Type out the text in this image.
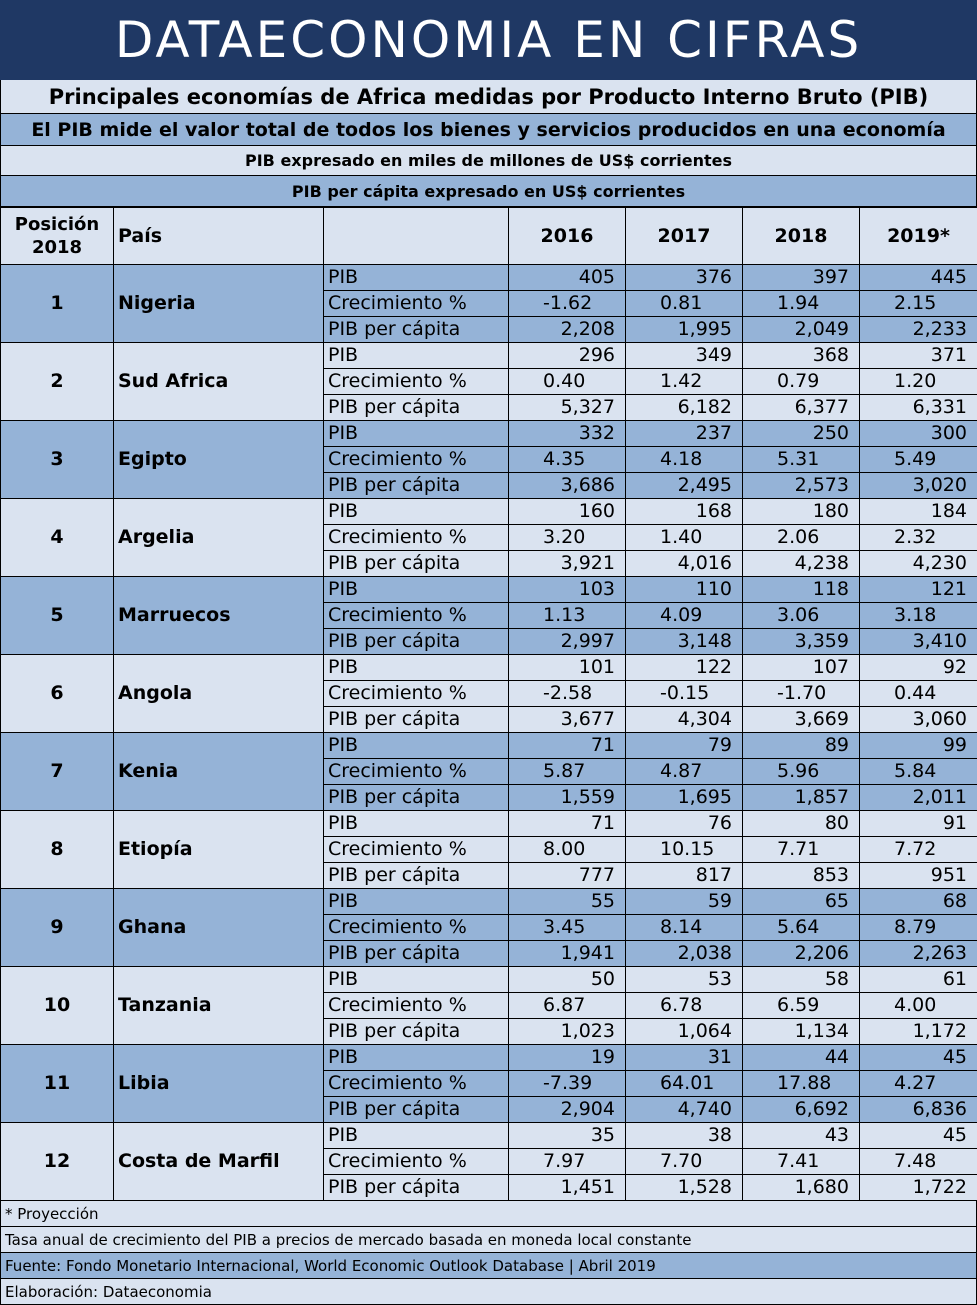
DATAECONOMIA EN CIFRAS
Principales economías de Africa medidas por Producto Interno Bruto (PIB)
El PIB mide el valor total de todos los bienes y servicios producidos en una economía
PIB expresado en miles de millones de US$ corrientes
PIB per cápita expresado en US$ corrientes
Posición 2018	País		2016	2017	2018	2019*
1	Nigeria	PIB	405	376	397	445
		Crecimiento %	-1.62	0.81	1.94	2.15
		PIB per cápita	2,208	1,995	2,049	2,233
2	Sud Africa	PIB	296	349	368	371
		Crecimiento %	0.40	1.42	0.79	1.20
		PIB per cápita	5,327	6,182	6,377	6,331
3	Egipto	PIB	332	237	250	300
		Crecimiento %	4.35	4.18	5.31	5.49
		PIB per cápita	3,686	2,495	2,573	3,020
4	Argelia	PIB	160	168	180	184
		Crecimiento %	3.20	1.40	2.06	2.32
		PIB per cápita	3,921	4,016	4,238	4,230
5	Marruecos	PIB	103	110	118	121
		Crecimiento %	1.13	4.09	3.06	3.18
		PIB per cápita	2,997	3,148	3,359	3,410
6	Angola	PIB	101	122	107	92
		Crecimiento %	-2.58	-0.15	-1.70	0.44
		PIB per cápita	3,677	4,304	3,669	3,060
7	Kenia	PIB	71	79	89	99
		Crecimiento %	5.87	4.87	5.96	5.84
		PIB per cápita	1,559	1,695	1,857	2,011
8	Etiopía	PIB	71	76	80	91
		Crecimiento %	8.00	10.15	7.71	7.72
		PIB per cápita	777	817	853	951
9	Ghana	PIB	55	59	65	68
		Crecimiento %	3.45	8.14	5.64	8.79
		PIB per cápita	1,941	2,038	2,206	2,263
10	Tanzania	PIB	50	53	58	61
		Crecimiento %	6.87	6.78	6.59	4.00
		PIB per cápita	1,023	1,064	1,134	1,172
11	Libia	PIB	19	31	44	45
		Crecimiento %	-7.39	64.01	17.88	4.27
		PIB per cápita	2,904	4,740	6,692	6,836
12	Costa de Marfil	PIB	35	38	43	45
		Crecimiento %	7.97	7.70	7.41	7.48
		PIB per cápita	1,451	1,528	1,680	1,722
* Proyección
Tasa anual de crecimiento del PIB a precios de mercado basada en moneda local constante
Fuente: Fondo Monetario Internacional, World Economic Outlook Database | Abril 2019
Elaboración: Dataeconomia
